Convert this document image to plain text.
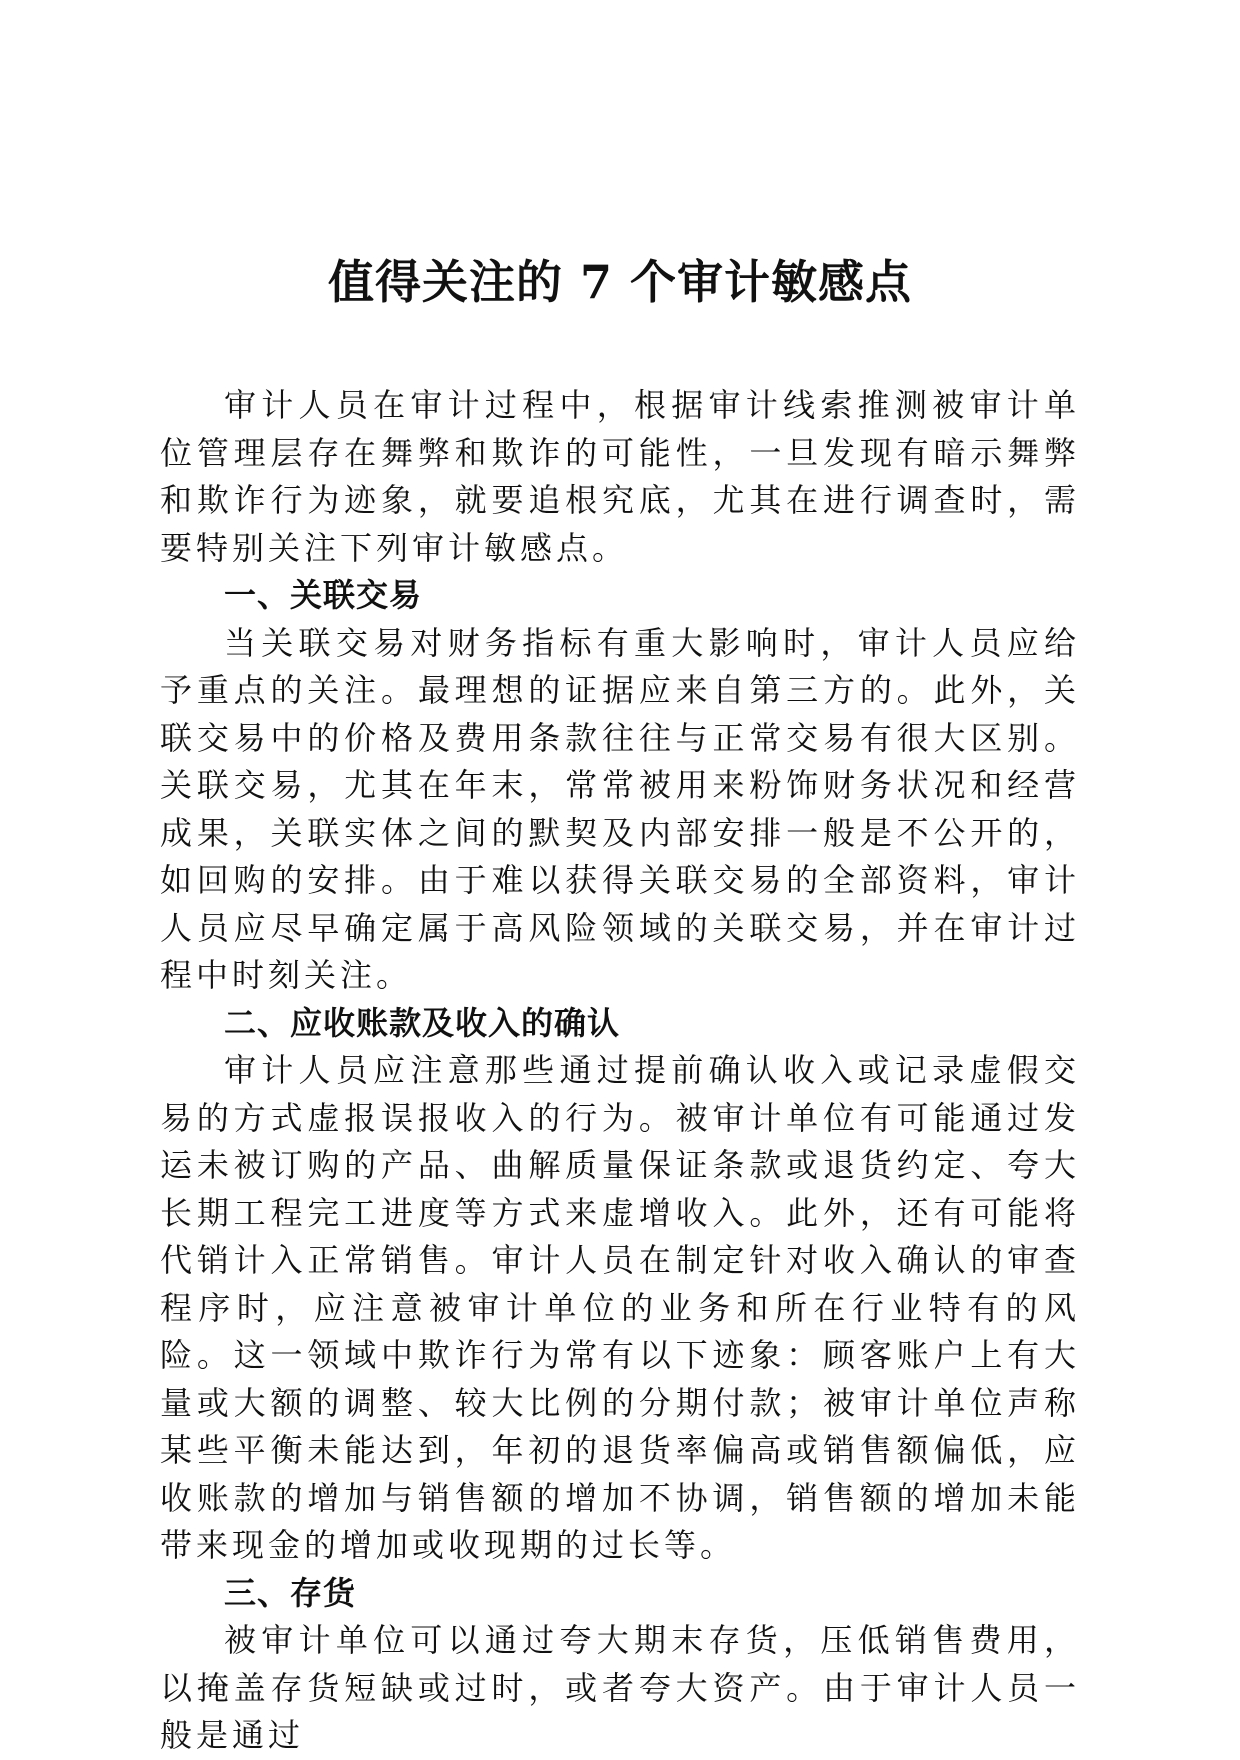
值得关注的 7 个审计敏感点

审计人员在审计过程中，根据审计线索推测被审计单位管理层存在舞弊和欺诈的可能性，一旦发现有暗示舞弊和欺诈行为迹象，就要追根究底，尤其在进行调查时，需要特别关注下列审计敏感点。

一、关联交易

当关联交易对财务指标有重大影响时，审计人员应给予重点的关注。最理想的证据应来自第三方的。此外，关联交易中的价格及费用条款往往与正常交易有很大区别。关联交易，尤其在年末，常常被用来粉饰财务状况和经营成果，关联实体之间的默契及内部安排一般是不公开的，如回购的安排。由于难以获得关联交易的全部资料，审计人员应尽早确定属于高风险领域的关联交易，并在审计过程中时刻关注。

二、应收账款及收入的确认

审计人员应注意那些通过提前确认收入或记录虚假交易的方式虚报误报收入的行为。被审计单位有可能通过发运未被订购的产品、曲解质量保证条款或退货约定、夸大长期工程完工进度等方式来虚增收入。此外，还有可能将代销计入正常销售。审计人员在制定针对收入确认的审查程序时，应注意被审计单位的业务和所在行业特有的风险。这一领域中欺诈行为常有以下迹象：顾客账户上有大量或大额的调整、较大比例的分期付款；被审计单位声称某些平衡未能达到，年初的退货率偏高或销售额偏低，应收账款的增加与销售额的增加不协调，销售额的增加未能带来现金的增加或收现期的过长等。

三、存货

被审计单位可以通过夸大期末存货，压低销售费用，以掩盖存货短缺或过时，或者夸大资产。由于审计人员一般是通过
